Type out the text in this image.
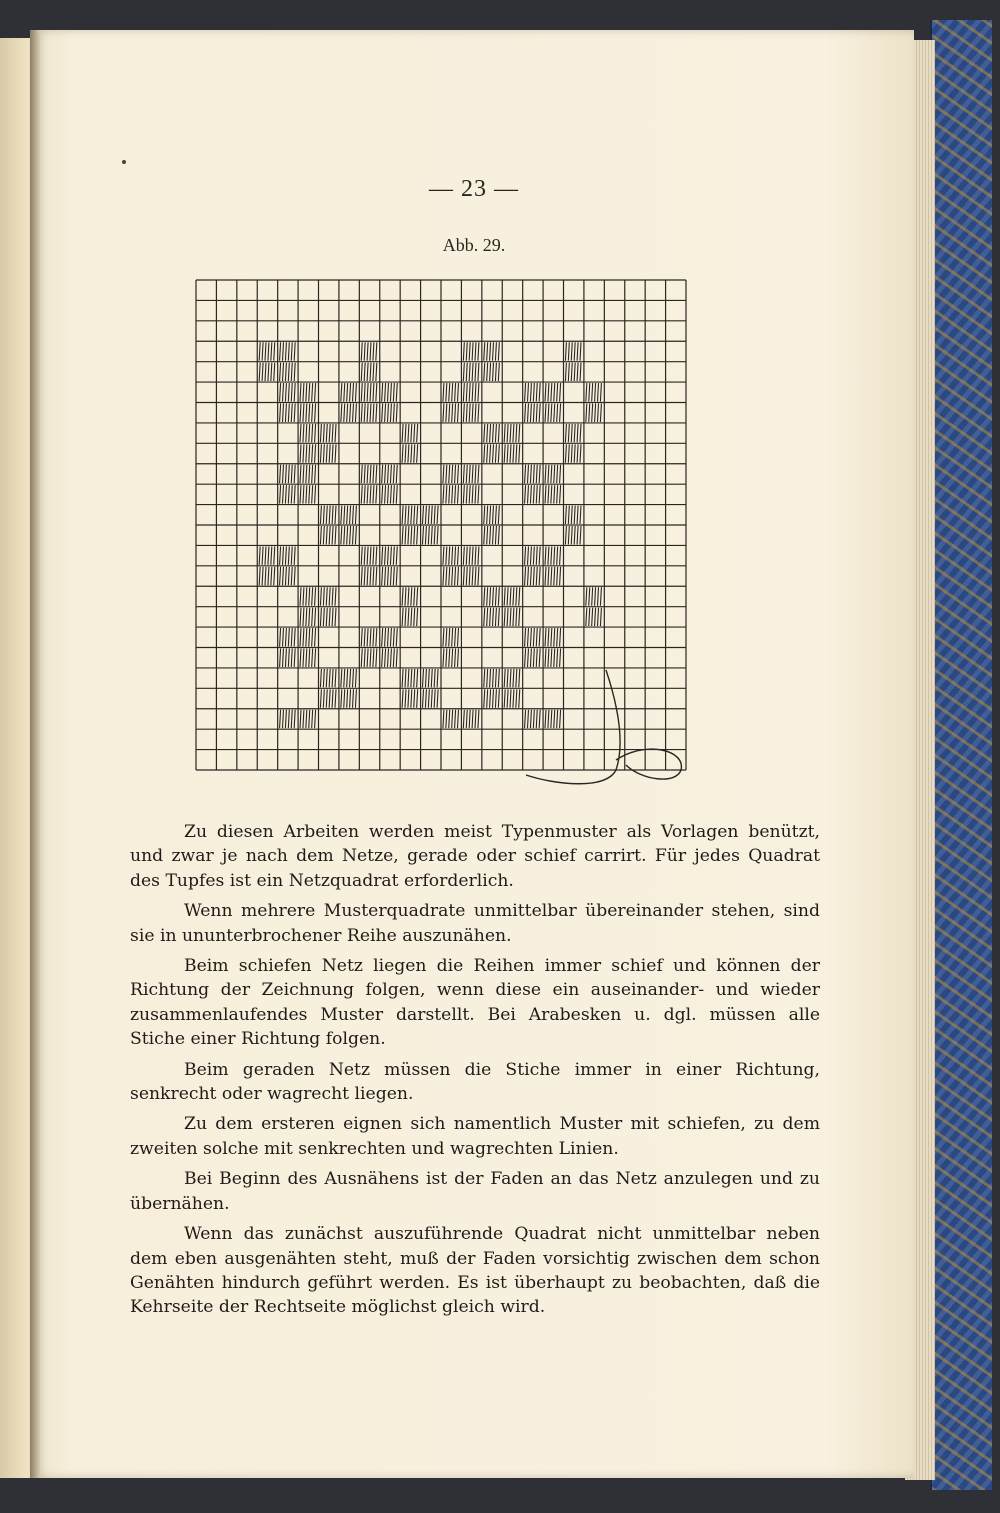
— 23 —
Abb. 29.

Zu diesen Arbeiten werden meist Typenmuster als Vorlagen benützt, und zwar je nach dem Netze, gerade oder schief carrirt. Für jedes Quadrat des Tupfes ist ein Netzquadrat erforderlich.

Wenn mehrere Musterquadrate unmittelbar übereinander stehen, sind sie in ununterbrochener Reihe auszunähen.

Beim schiefen Netz liegen die Reihen immer schief und können der Richtung der Zeichnung folgen, wenn diese ein auseinander- und wieder zusammenlaufendes Muster darstellt. Bei Arabesken u. dgl. müssen alle Stiche einer Richtung folgen.

Beim geraden Netz müssen die Stiche immer in einer Richtung, senkrecht oder wagrecht liegen.

Zu dem ersteren eignen sich namentlich Muster mit schiefen, zu dem zweiten solche mit senkrechten und wagrechten Linien.

Bei Beginn des Ausnähens ist der Faden an das Netz anzulegen und zu übernähen.

Wenn das zunächst auszuführende Quadrat nicht unmittelbar neben dem eben ausgenähten steht, muß der Faden vorsichtig zwischen dem schon Genähten hindurch geführt werden. Es ist überhaupt zu beobachten, daß die Kehrseite der Rechtseite möglichst gleich wird.
